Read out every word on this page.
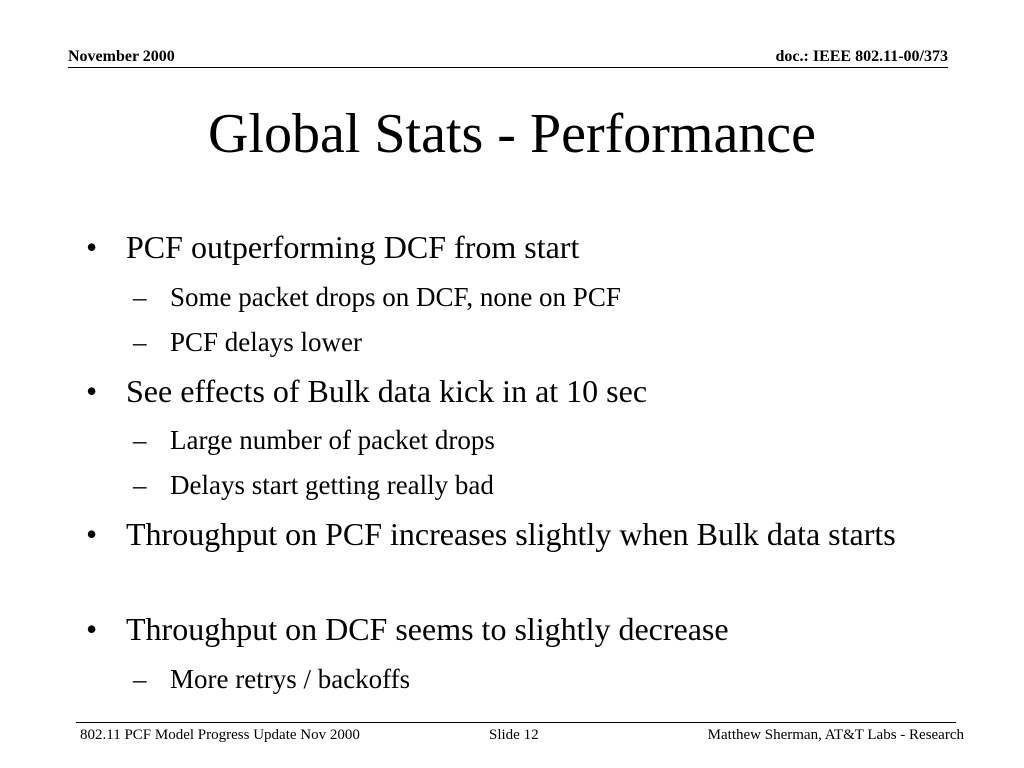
November 2000	doc.: IEEE 802.11-00/373
Global Stats - Performance
• PCF outperforming DCF from start
– Some packet drops on DCF, none on PCF
– PCF delays lower
• See effects of Bulk data kick in at 10 sec
– Large number of packet drops
– Delays start getting really bad
• Throughput on PCF increases slightly when Bulk data starts
• Throughput on DCF seems to slightly decrease
– More retrys / backoffs
802.11 PCF Model Progress Update Nov 2000	Slide 12	Matthew Sherman, AT&T Labs - Research
